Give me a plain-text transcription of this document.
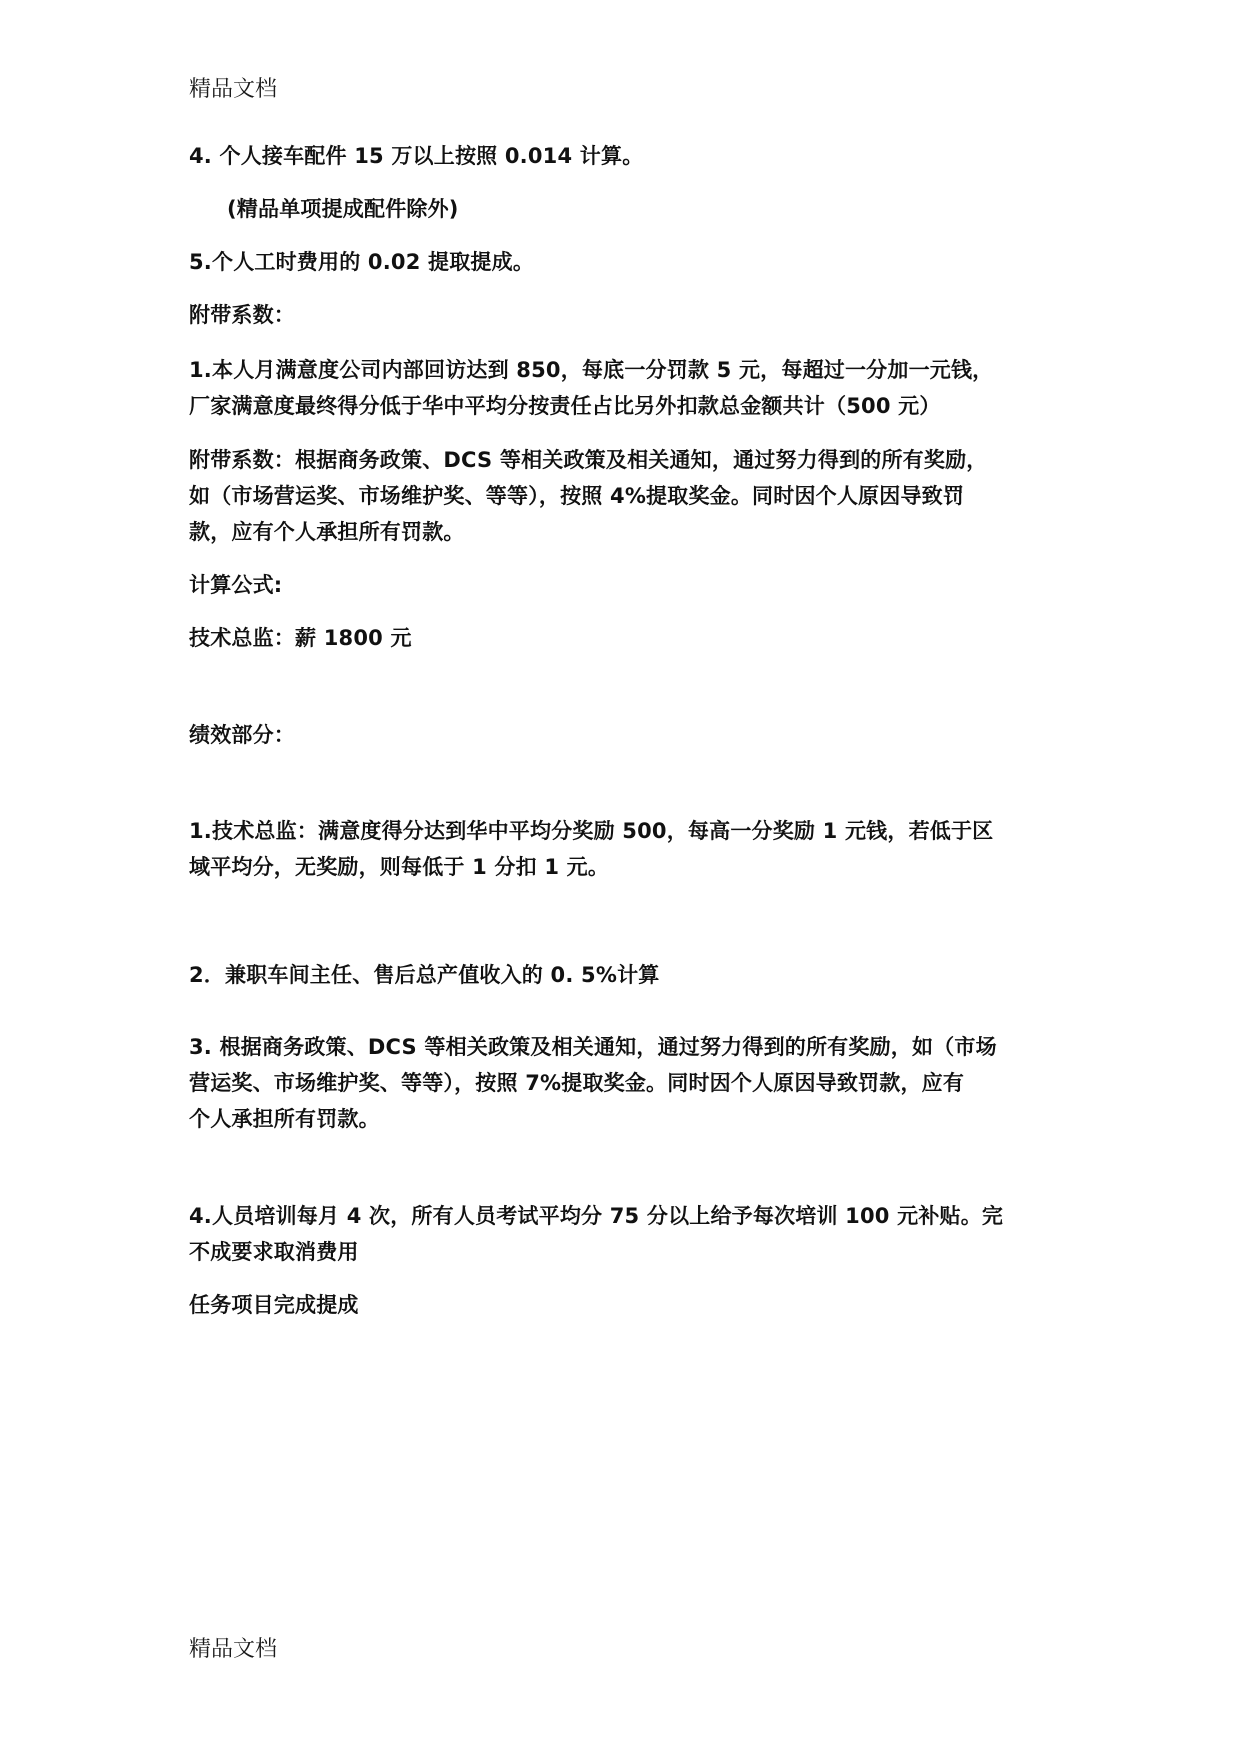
精品文档
4. 个人接车配件 15 万以上按照 0.014 计算。
(精品单项提成配件除外)
5.个人工时费用的 0.02 提取提成。
附带系数：
1.本人月满意度公司内部回访达到 850，每底一分罚款 5 元，每超过一分加一元钱，
厂家满意度最终得分低于华中平均分按责任占比另外扣款总金额共计（500 元）
附带系数：根据商务政策、DCS 等相关政策及相关通知，通过努力得到的所有奖励，
如（市场营运奖、市场维护奖、等等），按照 4%提取奖金。同时因个人原因导致罚
款，应有个人承担所有罚款。
计算公式:
技术总监：薪 1800 元
绩效部分：
1.技术总监：满意度得分达到华中平均分奖励 500，每高一分奖励 1 元钱，若低于区
域平均分，无奖励，则每低于 1 分扣 1 元。
2．兼职车间主任、售后总产值收入的 0. 5%计算
3. 根据商务政策、DCS 等相关政策及相关通知，通过努力得到的所有奖励，如（市场
营运奖、市场维护奖、等等），按照 7%提取奖金。同时因个人原因导致罚款，应有
个人承担所有罚款。
4.人员培训每月 4 次，所有人员考试平均分 75 分以上给予每次培训 100 元补贴。完
不成要求取消费用
任务项目完成提成
精品文档
